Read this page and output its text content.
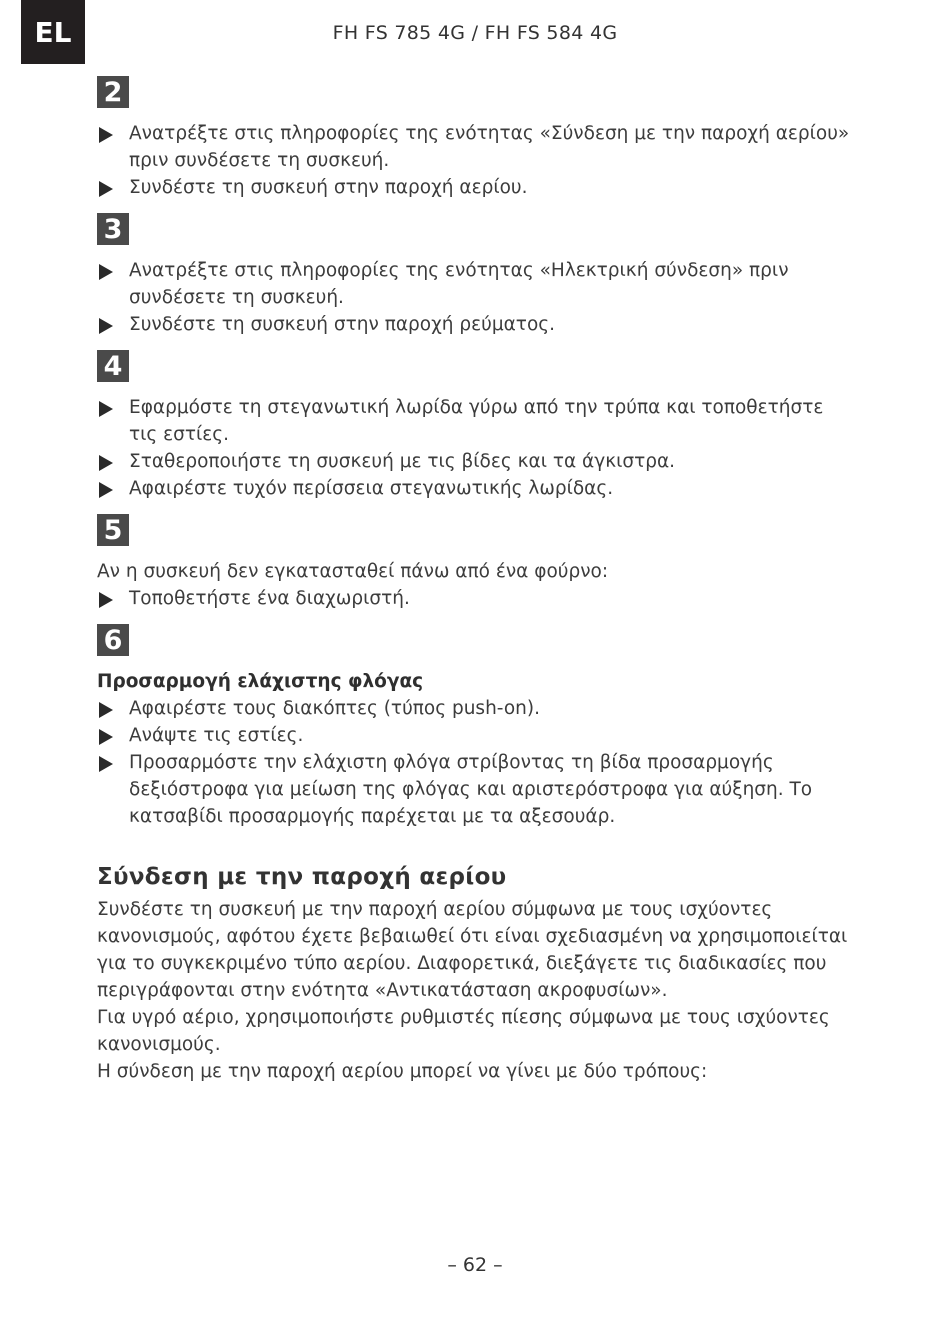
EL	FH FS 785 4G / FH FS 584 4G
2
Ανατρέξτε στις πληροφορίες της ενότητας «Σύνδεση με την παροχή αερίου» πριν συνδέσετε τη συσκευή.
Συνδέστε τη συσκευή στην παροχή αερίου.
3
Ανατρέξτε στις πληροφορίες της ενότητας «Ηλεκτρική σύνδεση» πριν συνδέσετε τη συσκευή.
Συνδέστε τη συσκευή στην παροχή ρεύματος.
4
Εφαρμόστε τη στεγανωτική λωρίδα γύρω από την τρύπα και τοποθετήστε τις εστίες.
Σταθεροποιήστε τη συσκευή με τις βίδες και τα άγκιστρα.
Αφαιρέστε τυχόν περίσσεια στεγανωτικής λωρίδας.
5

Αν η συσκευή δεν εγκατασταθεί πάνω από ένα φούρνο:

Τοποθετήστε ένα διαχωριστή.
6

Προσαρμογή ελάχιστης φλόγας

Αφαιρέστε τους διακόπτες (τύπος push-on).
Ανάψτε τις εστίες.
Προσαρμόστε την ελάχιστη φλόγα στρίβοντας τη βίδα προσαρμογής δεξιόστροφα για μείωση της φλόγας και αριστερόστροφα για αύξηση. Το κατσαβίδι προσαρμογής παρέχεται με τα αξεσουάρ.
Σύνδεση με την παροχή αερίου

Συνδέστε τη συσκευή με την παροχή αερίου σύμφωνα με τους ισχύοντες κανονισμούς, αφότου έχετε βεβαιωθεί ότι είναι σχεδιασμένη να χρησιμοποιείται για το συγκεκριμένο τύπο αερίου. Διαφορετικά, διεξάγετε τις διαδικασίες που περιγράφονται στην ενότητα «Αντικατάσταση ακροφυσίων».

Για υγρό αέριο, χρησιμοποιήστε ρυθμιστές πίεσης σύμφωνα με τους ισχύοντες κανονισμούς.

Η σύνδεση με την παροχή αερίου μπορεί να γίνει με δύο τρόπους:

– 62 –
